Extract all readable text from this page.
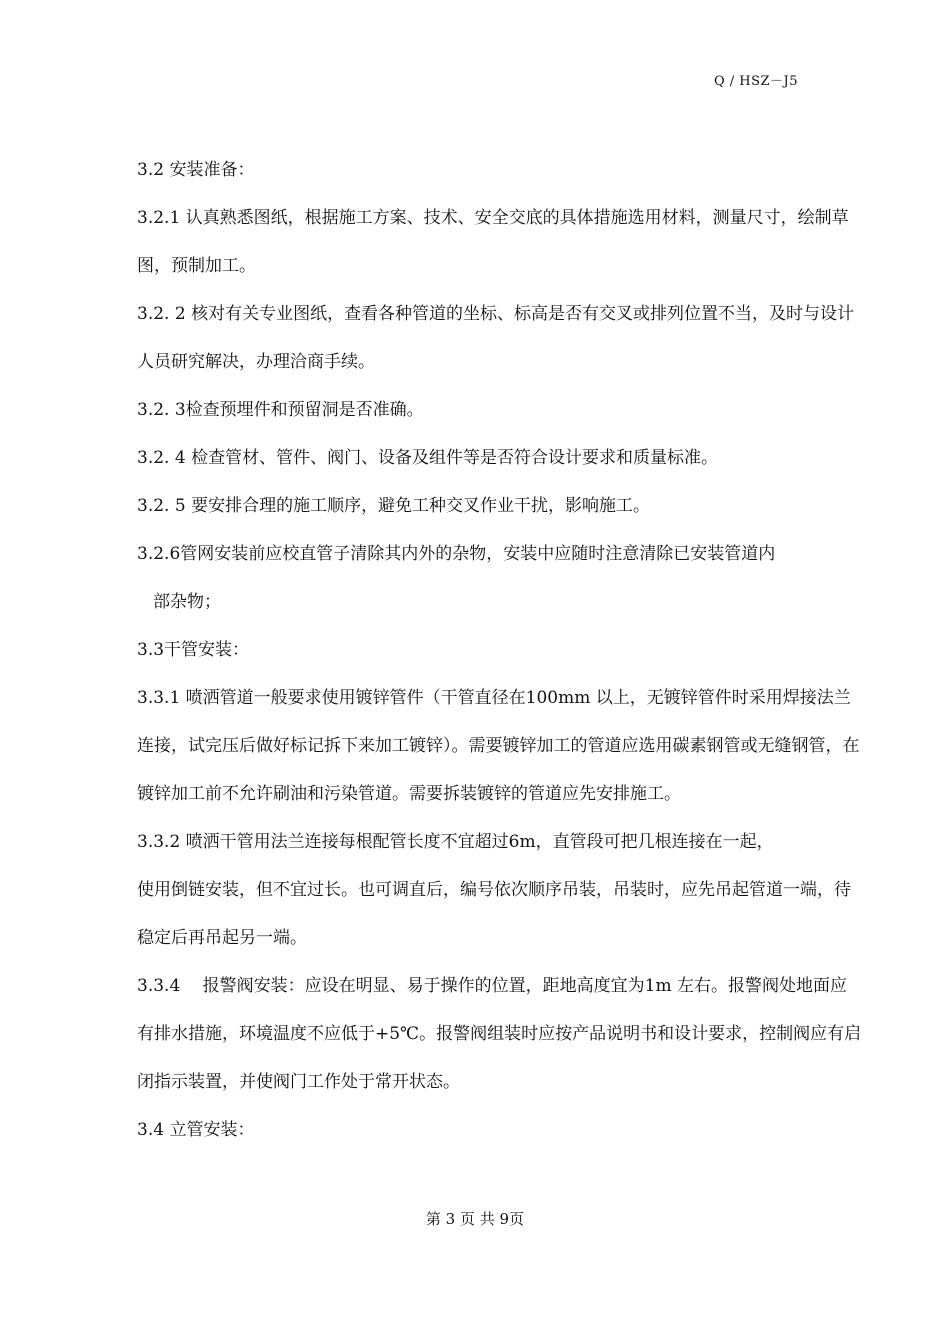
Q / HSZ－J5

3.2 安装准备：

3.2.1 认真熟悉图纸，根据施工方案、技术、安全交底的具体措施选用材料，测量尺寸，绘制草图，预制加工。

3.2. 2 核对有关专业图纸，查看各种管道的坐标、标高是否有交叉或排列位置不当，及时与设计人员研究解决，办理洽商手续。

3.2. 3检查预埋件和预留洞是否准确。

3.2. 4 检查管材、管件、阀门、设备及组件等是否符合设计要求和质量标准。

3.2. 5 要安排合理的施工顺序，避免工种交叉作业干扰，影响施工。

3.2.6管网安装前应校直管子清除其内外的杂物，安装中应随时注意清除已安装管道内

部杂物；

3.3干管安装：

3.3.1 喷洒管道一般要求使用镀锌管件（干管直径在100mm 以上，无镀锌管件时采用焊接法兰连接，试完压后做好标记拆下来加工镀锌）。需要镀锌加工的管道应选用碳素钢管或无缝钢管，在镀锌加工前不允许刷油和污染管道。需要拆装镀锌的管道应先安排施工。

3.3.2 喷洒干管用法兰连接每根配管长度不宜超过6m，直管段可把几根连接在一起，

使用倒链安装，但不宜过长。也可调直后，编号依次顺序吊装，吊装时，应先吊起管道一端，待稳定后再吊起另一端。

3.3.4　 报警阀安装：应设在明显、易于操作的位置，距地高度宜为1m 左右。报警阀处地面应有排水措施，环境温度不应低于+5℃。报警阀组装时应按产品说明书和设计要求，控制阀应有启闭指示装置，并使阀门工作处于常开状态。

3.4 立管安装：

第 3 页 共 9页
